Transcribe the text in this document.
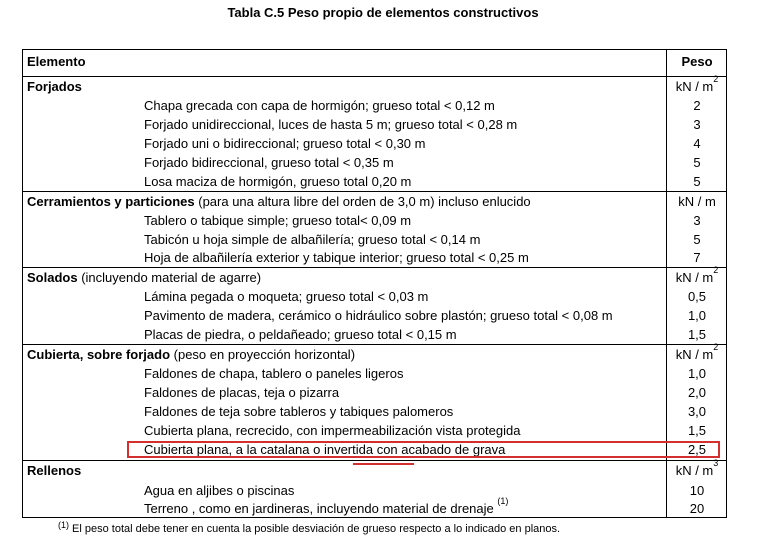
Tabla C.5 Peso propio de elementos constructivos
Elemento	Peso
Forjados	kN / $m^2$
Chapa grecada con capa de hormigón; grueso total < 0,12 m	2
Forjado unidireccional, luces de hasta 5 m; grueso total < 0,28 m	3
Forjado uni o bidireccional; grueso total < 0,30 m	4
Forjado bidireccional, grueso total < 0,35 m	5
Losa maciza de hormigón, grueso total 0,20 m	5
Cerramientos y particiones (para una altura libre del orden de 3,0 m) incluso enlucido	kN / m
Tablero o tabique simple; grueso total< 0,09 m	3
Tabicón u hoja simple de albañilería; grueso total < 0,14 m	5
Hoja de albañilería exterior y tabique interior; grueso total < 0,25 m	7
Solados (incluyendo material de agarre)	kN / $m^2$
Lámina pegada o moqueta; grueso total < 0,03 m	0,5
Pavimento de madera, cerámico o hidráulico sobre plastón; grueso total < 0,08 m	1,0
Placas de piedra, o peldañeado; grueso total < 0,15 m	1,5
Cubierta, sobre forjado (peso en proyección horizontal)	kN / $m^2$
Faldones de chapa, tablero o paneles ligeros	1,0
Faldones de placas, teja o pizarra	2,0
Faldones de teja sobre tableros y tabiques palomeros	3,0
Cubierta plana, recrecido, con impermeabilización vista protegida	1,5
Cubierta plana, a la catalana o invertida con acabado de grava	2,5
Rellenos	kN / $m^3$
Agua en aljibes o piscinas	10
Terreno , como en jardineras, incluyendo material de drenaje $^{(1)}$	20
$^{(1)}$ El peso total debe tener en cuenta la posible desviación de grueso respecto a lo indicado en planos.
